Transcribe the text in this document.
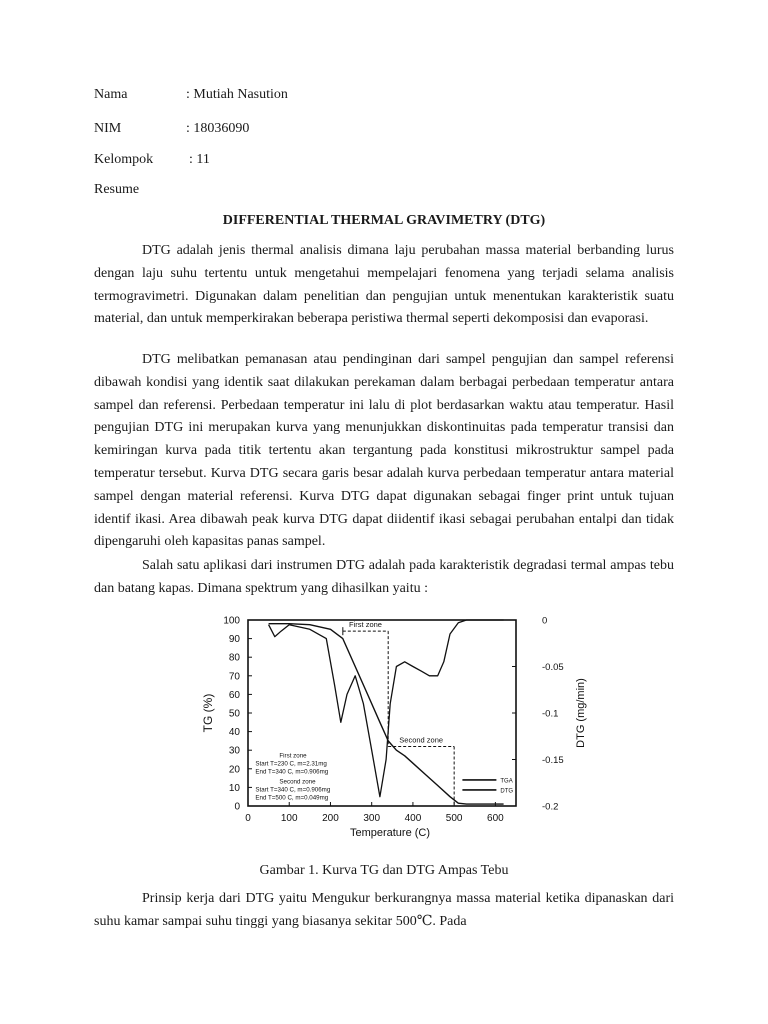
Nama	: Mutiah Nasution
NIM	: 18036090
Kelompok	: 11
Resume
DIFFERENTIAL THERMAL GRAVIMETRY (DTG)

DTG adalah jenis thermal analisis dimana laju perubahan massa material berbanding lurus dengan laju suhu tertentu untuk mengetahui mempelajari fenomena yang terjadi selama analisis termogravimetri. Digunakan dalam penelitian dan pengujian untuk menentukan karakteristik suatu material, dan untuk memperkirakan beberapa peristiwa thermal seperti dekomposisi dan evaporasi.

DTG melibatkan pemanasan atau pendinginan dari sampel pengujian dan sampel referensi dibawah kondisi yang identik saat dilakukan perekaman dalam berbagai perbedaan temperatur antara sampel dan referensi. Perbedaan temperatur ini lalu di plot berdasarkan waktu atau temperatur. Hasil pengujian DTG ini merupakan kurva yang menunjukkan diskontinuitas pada temperatur transisi dan kemiringan kurva pada titik tertentu akan tergantung pada konstitusi mikrostruktur sampel pada temperatur tersebut. Kurva DTG secara garis besar adalah kurva perbedaan temperatur antara material sampel dengan material referensi. Kurva DTG dapat digunakan sebagai finger print untuk tujuan identif ikasi. Area dibawah peak kurva DTG dapat diidentif ikasi sebagai perubahan entalpi dan tidak dipengaruhi oleh kapasitas panas sampel.

Salah satu aplikasi dari instrumen DTG adalah pada karakteristik degradasi termal ampas tebu dan batang kapas. Dimana spektrum yang dihasilkan yaitu :

0
10
20
30
40
50
60
70
80
90
100
0	100 200 300 400 500 600
0
-0.05
-0.1
-0.15
-0.2
Temperature (C)
TG (%)	DTG (mg/min)
First zone
Second zone
First zone
Start T=230 C, m=2.31mg
End T=340 C, m=0.906mg
Second zone
Start T=340 C, m=0.906mg
End T=500 C, m=0.049mg
TGA
DTG
Gambar 1. Kurva TG dan DTG Ampas Tebu

Prinsip kerja dari DTG yaitu Mengukur berkurangnya massa material ketika dipanaskan dari suhu kamar sampai suhu tinggi yang biasanya sekitar 500℃. Pada
